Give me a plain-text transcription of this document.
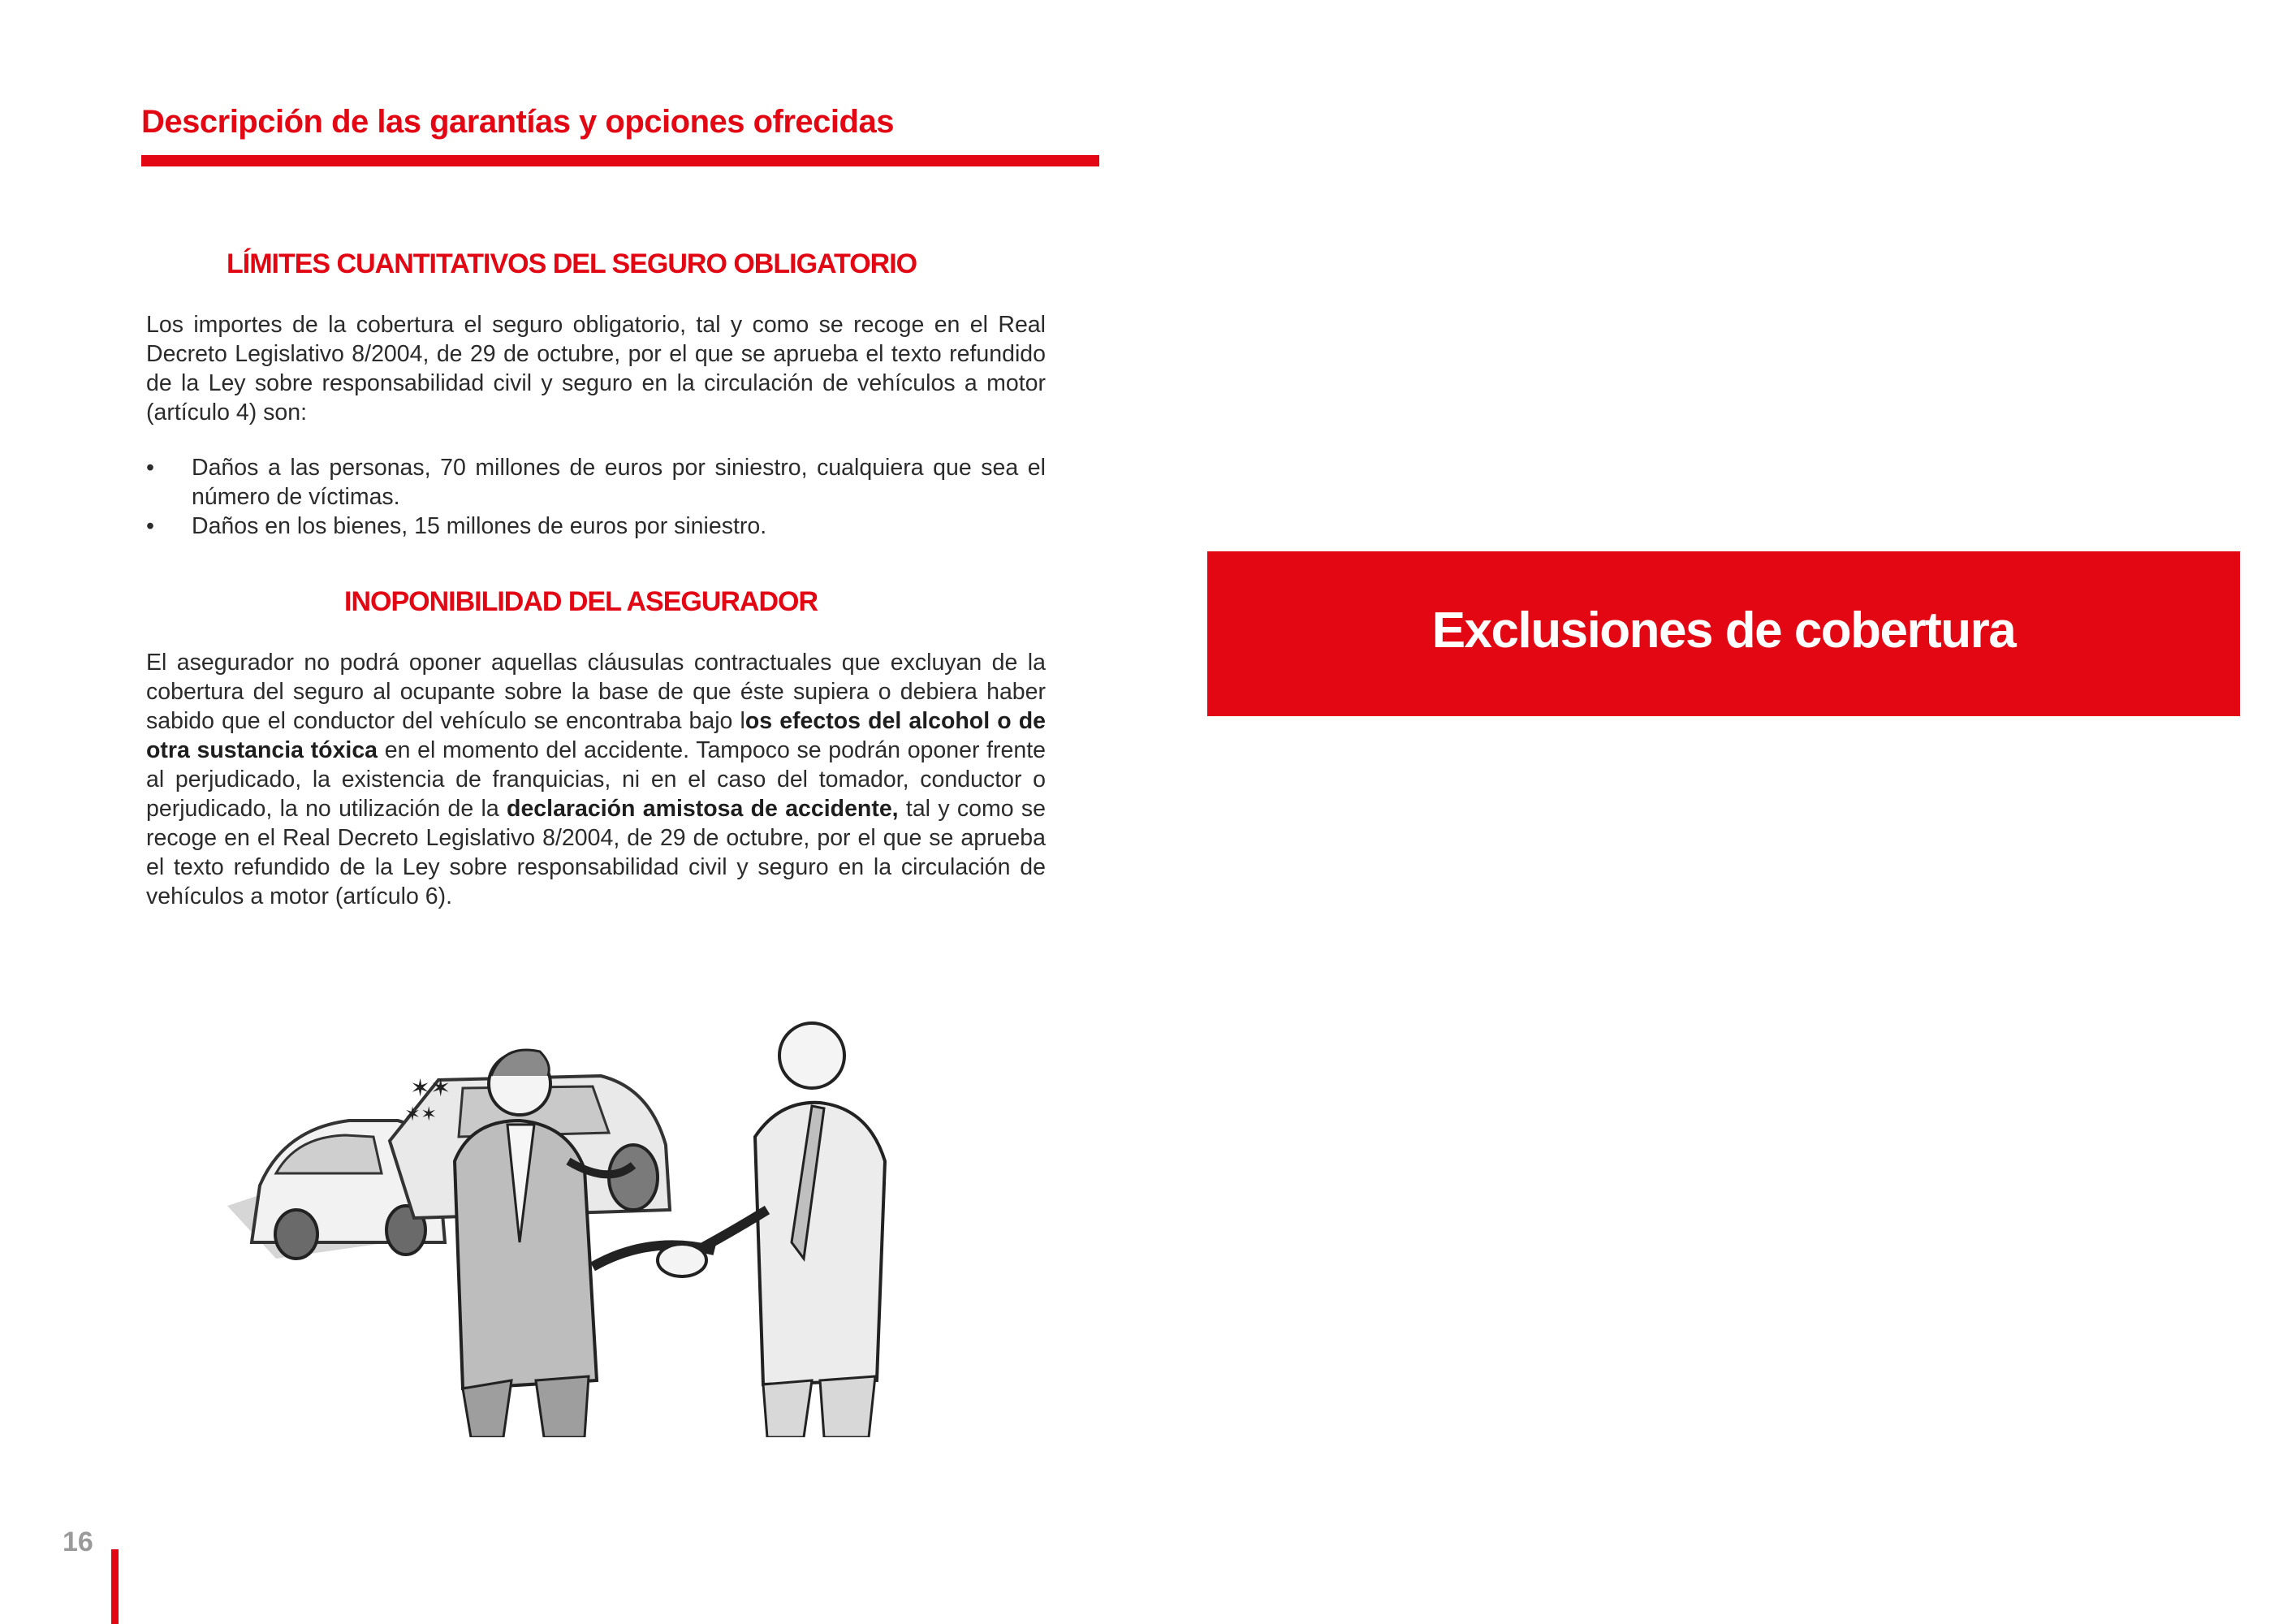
Descripción de las garantías y opciones ofrecidas
LÍMITES CUANTITATIVOS DEL SEGURO OBLIGATORIO

Los importes de la cobertura el seguro obligatorio, tal y como se recoge en el Real Decreto Legislativo 8/2004, de 29 de octubre, por el que se aprueba el texto refundido de la Ley sobre responsabilidad civil y seguro en la circulación de vehículos a motor (artículo 4) son:

• Daños a las personas, 70 millones de euros por siniestro, cualquiera que sea el número de víctimas.
• Daños en los bienes, 15 millones de euros por siniestro.
INOPONIBILIDAD DEL ASEGURADOR

El asegurador no podrá oponer aquellas cláusulas contractuales que excluyan de la cobertura del seguro al ocupante sobre la base de que éste supiera o debiera haber sabido que el conductor del vehículo se encontraba bajo los efectos del alcohol o de otra sustancia tóxica en el momento del accidente. Tampoco se podrán oponer frente al perjudicado, la existencia de franquicias, ni en el caso del tomador, conductor o perjudicado, la no utilización de la declaración amistosa de accidente, tal y como se recoge en el Real Decreto Legislativo 8/2004, de 29 de octubre, por el que se aprueba el texto refundido de la Ley sobre responsabilidad civil y seguro en la circulación de vehículos a motor (artículo 6).

✶✶
✶✶
Exclusiones de cobertura
16
